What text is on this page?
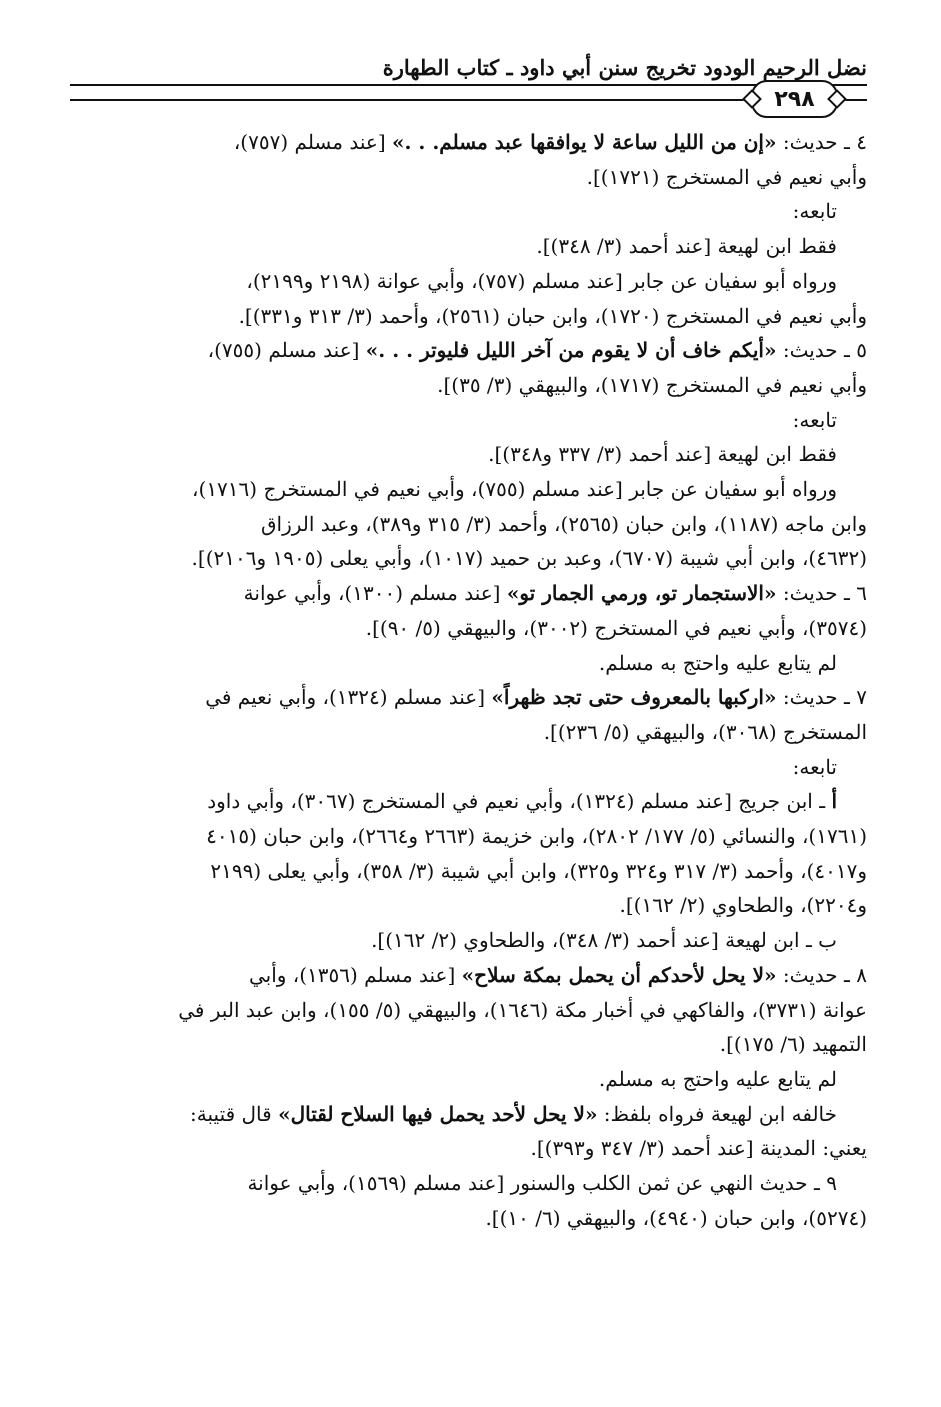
نضل الرحيم الودود تخريج سنن أبي داود ـ كتاب الطهارة
٢٩٨

٤ ـ حديث: «إن من الليل ساعة لا يوافقها عبد مسلم. . .» [عند مسلم (٧٥٧)،

وأبي نعيم في المستخرج (١٧٢١)].

تابعه:

فقط ابن لهيعة [عند أحمد (٣/ ٣٤٨)].

ورواه أبو سفيان عن جابر [عند مسلم (٧٥٧)، وأبي عوانة (٢١٩٨ و٢١٩٩)،

وأبي نعيم في المستخرج (١٧٢٠)، وابن حبان (٢٥٦١)، وأحمد (٣/ ٣١٣ و٣٣١)].

٥ ـ حديث: «أيكم خاف أن لا يقوم من آخر الليل فليوتر . . .» [عند مسلم (٧٥٥)،

وأبي نعيم في المستخرج (١٧١٧)، والبيهقي (٣/ ٣٥)].

تابعه:

فقط ابن لهيعة [عند أحمد (٣/ ٣٣٧ و٣٤٨)].

ورواه أبو سفيان عن جابر [عند مسلم (٧٥٥)، وأبي نعيم في المستخرج (١٧١٦)،

وابن ماجه (١١٨٧)، وابن حبان (٢٥٦٥)، وأحمد (٣/ ٣١٥ و٣٨٩)، وعبد الرزاق

(٤٦٣٢)، وابن أبي شيبة (٦٧٠٧)، وعبد بن حميد (١٠١٧)، وأبي يعلى (١٩٠٥ و٢١٠٦)].

٦ ـ حديث: «الاستجمار تو، ورمي الجمار تو» [عند مسلم (١٣٠٠)، وأبي عوانة

(٣٥٧٤)، وأبي نعيم في المستخرج (٣٠٠٢)، والبيهقي (٥/ ٩٠)].

لم يتابع عليه واحتج به مسلم.

٧ ـ حديث: «اركبها بالمعروف حتى تجد ظهراً» [عند مسلم (١٣٢٤)، وأبي نعيم في

المستخرج (٣٠٦٨)، والبيهقي (٥/ ٢٣٦)].

تابعه:

أ ـ ابن جريج [عند مسلم (١٣٢٤)، وأبي نعيم في المستخرج (٣٠٦٧)، وأبي داود

(١٧٦١)، والنسائي (٥/ ١٧٧/ ٢٨٠٢)، وابن خزيمة (٢٦٦٣ و٢٦٦٤)، وابن حبان (٤٠١٥

و٤٠١٧)، وأحمد (٣/ ٣١٧ و٣٢٤ و٣٢٥)، وابن أبي شيبة (٣/ ٣٥٨)، وأبي يعلى (٢١٩٩

و٢٢٠٤)، والطحاوي (٢/ ١٦٢)].

ب ـ ابن لهيعة [عند أحمد (٣/ ٣٤٨)، والطحاوي (٢/ ١٦٢)].

٨ ـ حديث: «لا يحل لأحدكم أن يحمل بمكة سلاح» [عند مسلم (١٣٥٦)، وأبي

عوانة (٣٧٣١)، والفاكهي في أخبار مكة (١٦٤٦)، والبيهقي (٥/ ١٥٥)، وابن عبد البر في

التمهيد (٦/ ١٧٥)].

لم يتابع عليه واحتج به مسلم.

خالفه ابن لهيعة فرواه بلفظ: «لا يحل لأحد يحمل فيها السلاح لقتال» قال قتيبة:

يعني: المدينة [عند أحمد (٣/ ٣٤٧ و٣٩٣)].

٩ ـ حديث النهي عن ثمن الكلب والسنور [عند مسلم (١٥٦٩)، وأبي عوانة

(٥٢٧٤)، وابن حبان (٤٩٤٠)، والبيهقي (٦/ ١٠)].
